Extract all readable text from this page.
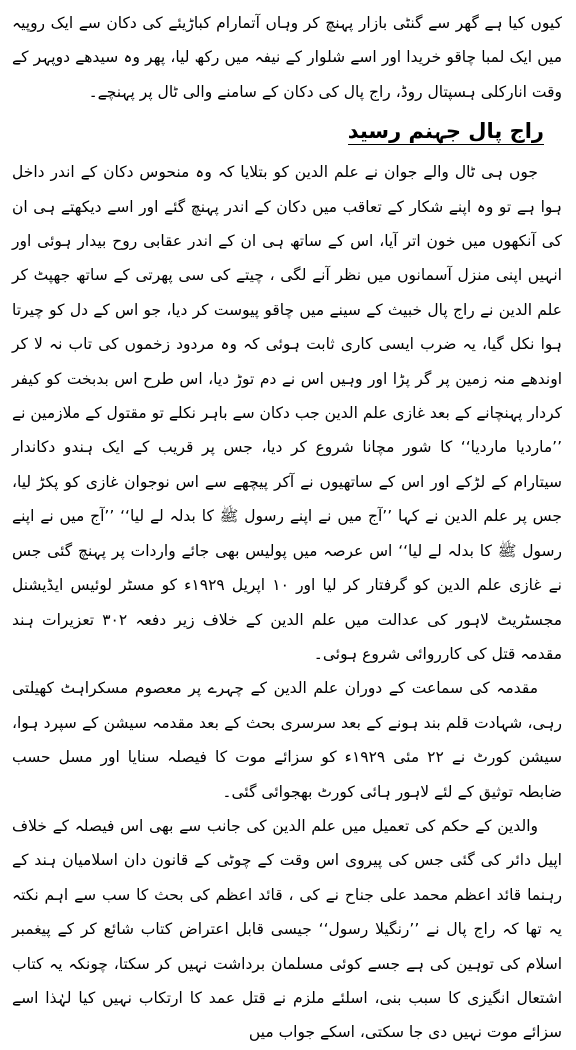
کیوں کیا ہے گھر سے گنٹی بازار پہنچ کر وہاں آتمارام کباڑیئے کی دکان سے ایک روپیہ میں ایک لمبا چاقو خریدا اور اسے شلوار کے نیفہ میں رکھ لیا، پھر وہ سیدھے دوپہر کے وقت انارکلی ہسپتال روڈ، راج پال کی دکان کے سامنے والی ٹال پر پہنچے۔

راج پال جہنم رسید

جوں ہی ٹال والے جوان نے علم الدین کو بتلایا کہ وہ منحوس دکان کے اندر داخل ہوا ہے تو وہ اپنے شکار کے تعاقب میں دکان کے اندر پہنچ گئے اور اسے دیکھتے ہی ان کی آنکھوں میں خون اتر آیا، اس کے ساتھ ہی ان کے اندر عقابی روح بیدار ہوئی اور انہیں اپنی منزل آسمانوں میں نظر آنے لگی ، چیتے کی سی پھرتی کے ساتھ جھپٹ کر علم الدین نے راج پال خبیث کے سینے میں چاقو پیوست کر دیا، جو اس کے دل کو چیرتا ہوا نکل گیا، یہ ضرب ایسی کاری ثابت ہوئی کہ وہ مردود زخموں کی تاب نہ لا کر اوندھے منہ زمین پر گر پڑا اور وہیں اس نے دم توڑ دیا، اس طرح اس بدبخت کو کیفر کردار پہنچانے کے بعد غازی علم الدین جب دکان سے باہر نکلے تو مقتول کے ملازمین نے ’’ماردیا ماردیا‘‘ کا شور مچانا شروع کر دیا، جس پر قریب کے ایک ہندو دکاندار سیتارام کے لڑکے اور اس کے ساتھیوں نے آکر پیچھے سے اس نوجوان غازی کو پکڑ لیا، جس پر علم الدین نے کہا ’’آج میں نے اپنے رسول ﷺ کا بدلہ لے لیا‘‘ ’’آج میں نے اپنے رسول ﷺ کا بدلہ لے لیا‘‘ اس عرصہ میں پولیس بھی جائے واردات پر پہنچ گئی جس نے غازی علم الدین کو گرفتار کر لیا اور ۱۰ اپریل ۱۹۲۹ء کو مسٹر لوئیس ایڈیشنل مجسٹریٹ لاہور کی عدالت میں علم الدین کے خلاف زیر دفعہ ۳۰۲ تعزیرات ہند مقدمہ قتل کی کارروائی شروع ہوئی۔

مقدمہ کی سماعت کے دوران علم الدین کے چہرے پر معصوم مسکراہٹ کھیلتی رہی، شہادت قلم بند ہونے کے بعد سرسری بحث کے بعد مقدمہ سیشن کے سپرد ہوا، سیشن کورٹ نے ۲۲ مئی ۱۹۲۹ء کو سزائے موت کا فیصلہ سنایا اور مسل حسب ضابطہ توثیق کے لئے لاہور ہائی کورٹ بھجوائی گئی۔

والدین کے حکم کی تعمیل میں علم الدین کی جانب سے بھی اس فیصلہ کے خلاف اپیل دائر کی گئی جس کی پیروی اس وقت کے چوٹی کے قانون دان اسلامیان ہند کے رہنما قائد اعظم محمد علی جناح نے کی ، قائد اعظم کی بحث کا سب سے اہم نکتہ یہ تھا کہ راج پال نے ’’رنگیلا رسول‘‘ جیسی قابل اعتراض کتاب شائع کر کے پیغمبر اسلام کی توہین کی ہے جسے کوئی مسلمان برداشت نہیں کر سکتا، چونکہ یہ کتاب اشتعال انگیزی کا سبب بنی، اسلئے ملزم نے قتل عمد کا ارتکاب نہیں کیا لہٰذا اسے سزائے موت نہیں دی جا سکتی، اسکے جواب میں
